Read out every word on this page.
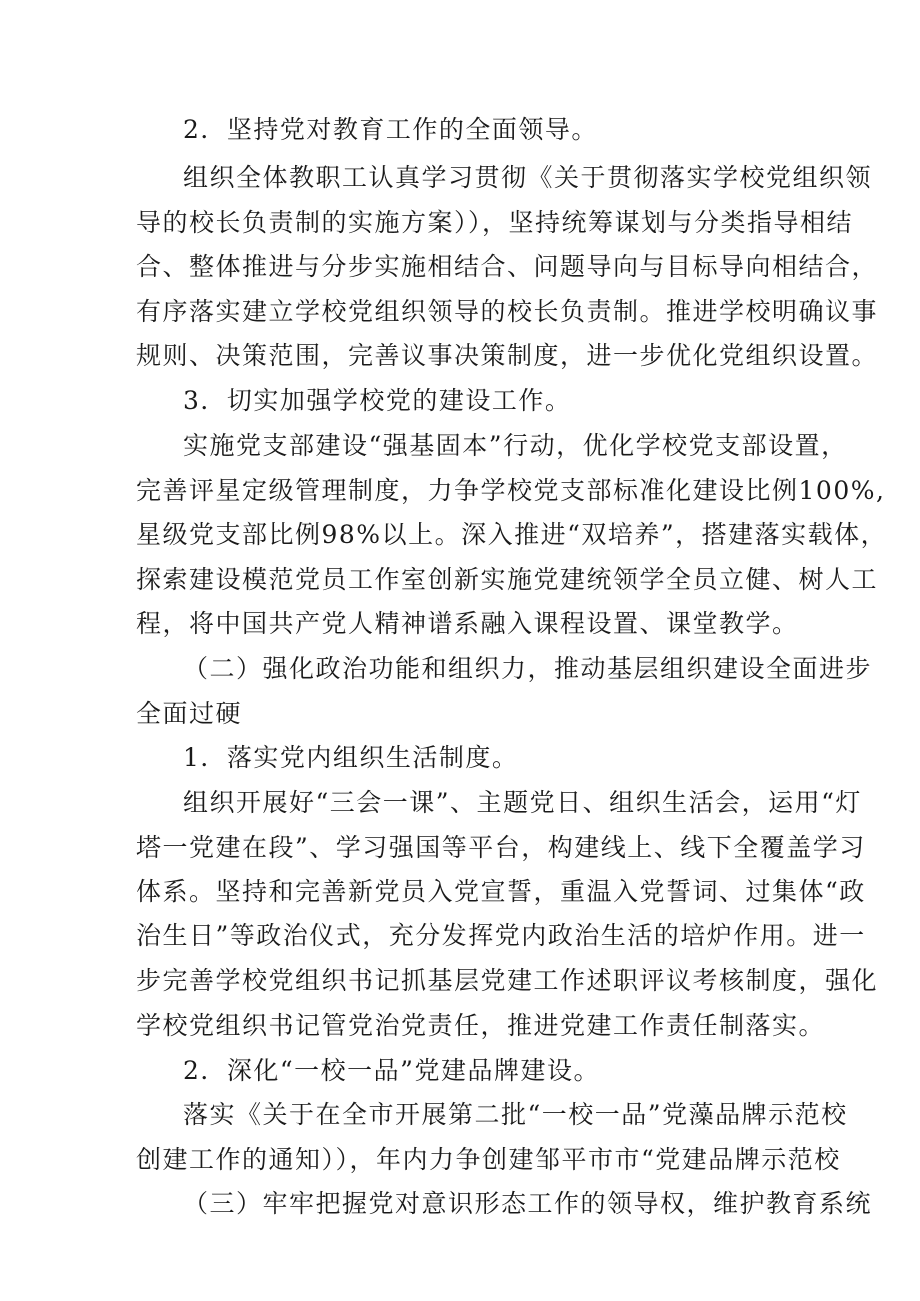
2．坚持党对教育工作的全面领导。

组织全体教职工认真学习贯彻《关于贯彻落实学校党组织领

导的校长负责制的实施方案）），坚持统筹谋划与分类指导相结

合、整体推进与分步实施相结合、问题导向与目标导向相结合，

有序落实建立学校党组织领导的校长负责制。推进学校明确议事

规则、决策范围，完善议事决策制度，进一步优化党组织设置。

3．切实加强学校党的建设工作。

实施党支部建设“强基固本”行动，优化学校党支部设置，

完善评星定级管理制度，力争学校党支部标准化建设比例100%,

星级党支部比例98%以上。深入推进“双培养”，搭建落实载体，

探索建设模范党员工作室创新实施党建统领学全员立健、树人工

程，将中国共产党人精神谱系融入课程设置、课堂教学。

（二）强化政治功能和组织力，推动基层组织建设全面进步

全面过硬

1．落实党内组织生活制度。

组织开展好“三会一课”、主题党日、组织生活会，运用“灯

塔一党建在段”、学习强国等平台，构建线上、线下全覆盖学习

体系。坚持和完善新党员入党宣誓，重温入党誓词、过集体“政

治生日”等政治仪式，充分发挥党内政治生活的培炉作用。进一

步完善学校党组织书记抓基层党建工作述职评议考核制度，强化

学校党组织书记管党治党责任，推进党建工作责任制落实。

2．深化“一校一品”党建品牌建设。

落实《关于在全市开展第二批“一校一品”党藻品牌示范校

创建工作的通知）），年内力争创建邹平市市“党建品牌示范校

（三）牢牢把握党对意识形态工作的领导权，维护教育系统
